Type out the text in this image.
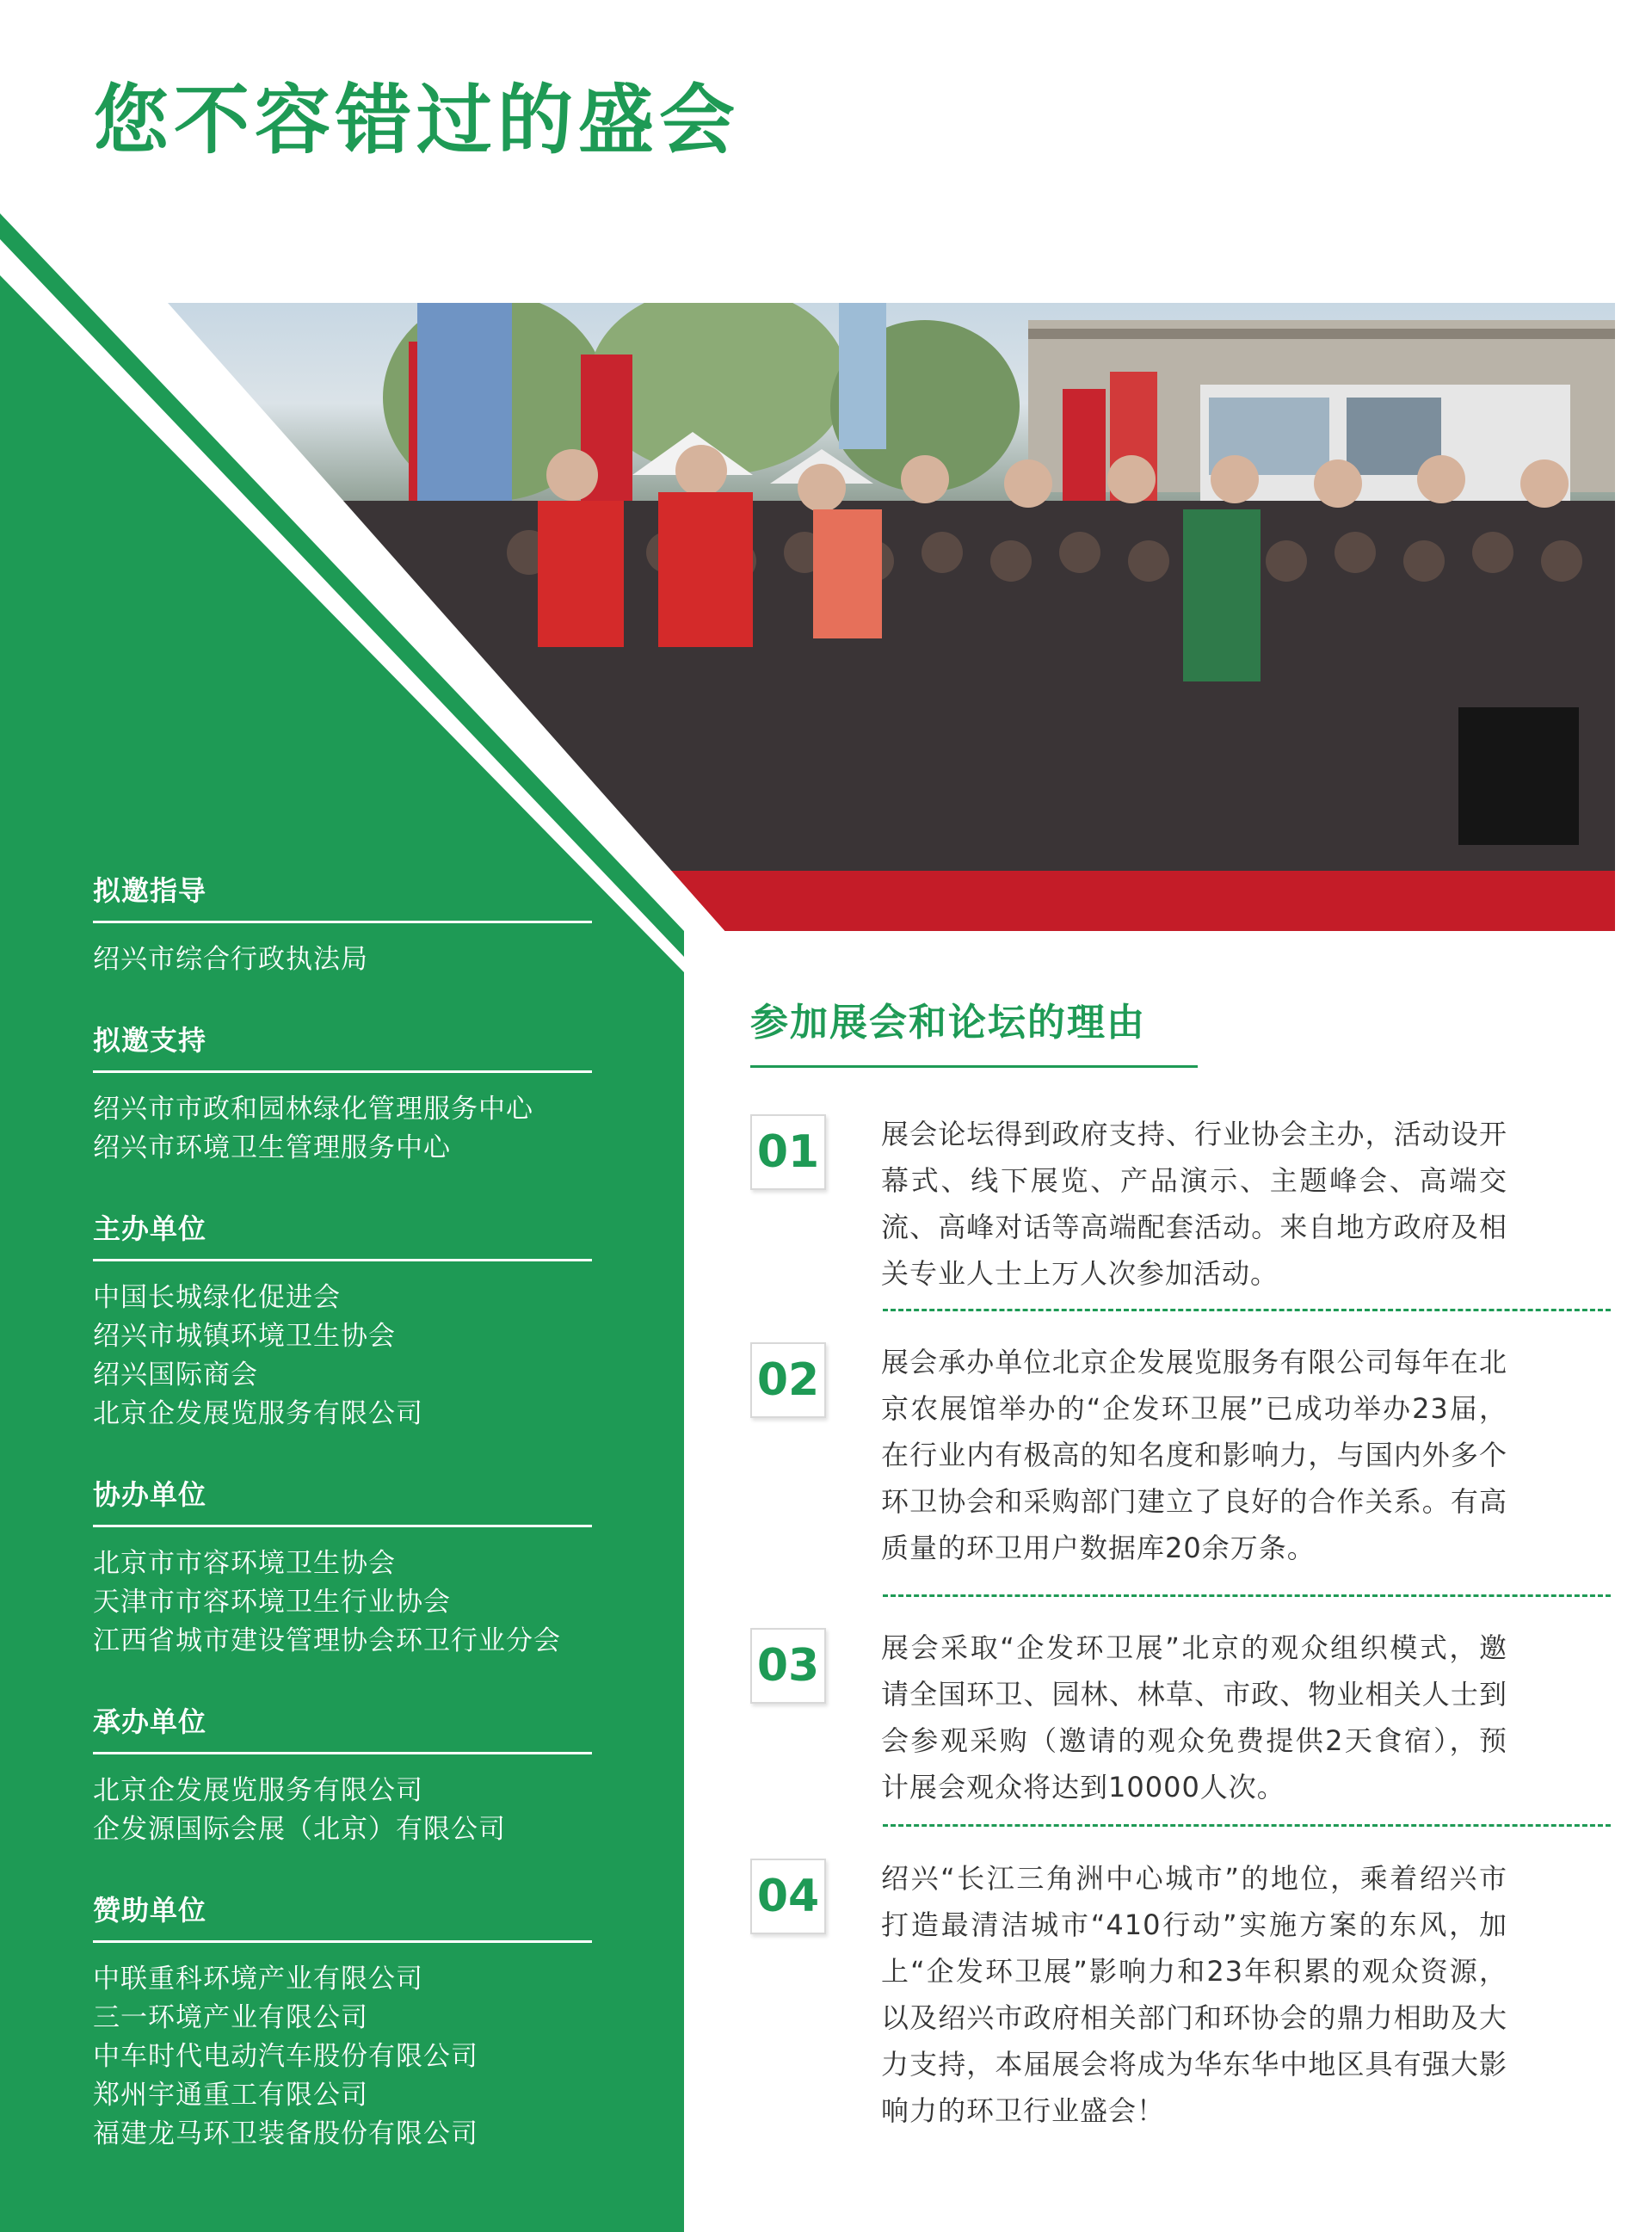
您不容错过的盛会
拟邀指导
绍兴市综合行政执法局
拟邀支持
绍兴市市政和园林绿化管理服务中心
绍兴市环境卫生管理服务中心
主办单位
中国长城绿化促进会
绍兴市城镇环境卫生协会
绍兴国际商会
北京企发展览服务有限公司
协办单位
北京市市容环境卫生协会
天津市市容环境卫生行业协会
江西省城市建设管理协会环卫行业分会
承办单位
北京企发展览服务有限公司
企发源国际会展（北京）有限公司
赞助单位
中联重科环境产业有限公司
三一环境产业有限公司
中车时代电动汽车股份有限公司
郑州宇通重工有限公司
福建龙马环卫装备股份有限公司
参加展会和论坛的理由
01 展会论坛得到政府支持、行业协会主办，活动设开幕式、线下展览、产品演示、主题峰会、高端交流、高峰对话等高端配套活动。来自地方政府及相关专业人士上万人次参加活动。
02 展会承办单位北京企发展览服务有限公司每年在北京农展馆举办的“企发环卫展”已成功举办23届，在行业内有极高的知名度和影响力，与国内外多个环卫协会和采购部门建立了良好的合作关系。有高质量的环卫用户数据库20余万条。
03 展会采取“企发环卫展”北京的观众组织模式，邀请全国环卫、园林、林草、市政、物业相关人士到会参观采购（邀请的观众免费提供2天食宿），预计展会观众将达到10000人次。
04 绍兴“长江三角洲中心城市”的地位，乘着绍兴市打造最清洁城市“410行动”实施方案的东风，加上“企发环卫展”影响力和23年积累的观众资源，以及绍兴市政府相关部门和环协会的鼎力相助及大力支持，本届展会将成为华东华中地区具有强大影响力的环卫行业盛会！
